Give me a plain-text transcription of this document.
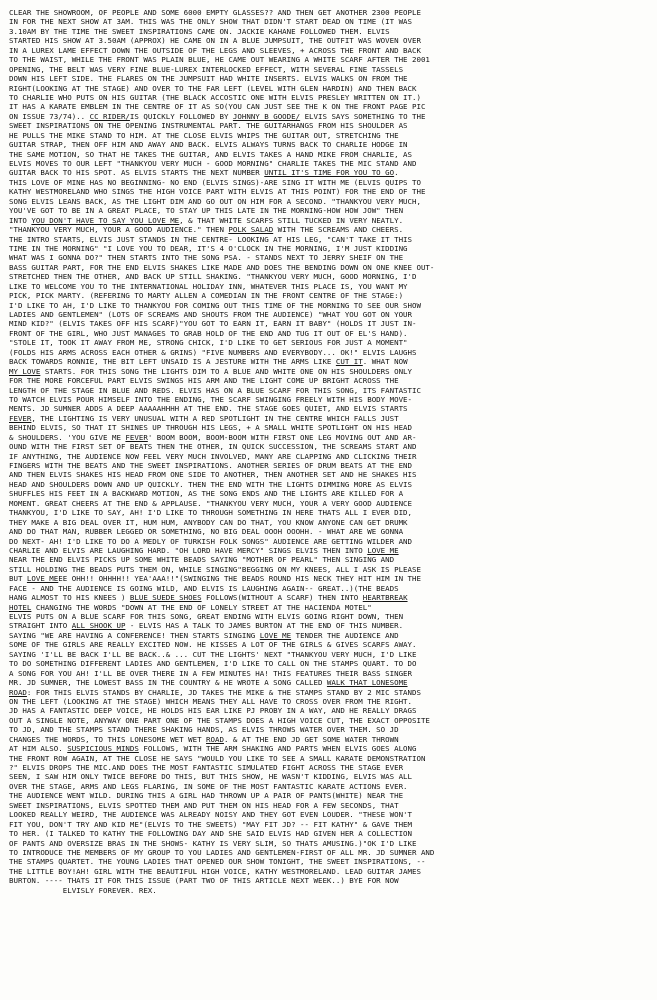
CLEAR THE SHOWROOM, OF PEOPLE AND SOME 6000 EMPTY GLASSES?? AND THEN GET ANOTHER 2300 PEOPLE
IN FOR THE NEXT SHOW AT 3AM. THIS WAS THE ONLY SHOW THAT DIDN'T START DEAD ON TIME (IT WAS
3.10AM BY THE TIME THE SWEET INSPIRATIONS CAME ON. JACKIE KAHANE FOLLOWED THEM. ELVIS
STARTED HIS SHOW AT 3.50AM (APPROX) HE CAME ON IN A BLUE JUMPSUIT, THE OUTFIT WAS WOVEN OVER
IN A LUREX LAME EFFECT DOWN THE OUTSIDE OF THE LEGS AND SLEEVES, + ACROSS THE FRONT AND BACK
TO THE WAIST, WHILE THE FRONT WAS PLAIN BLUE, HE CAME OUT WEARING A WHITE SCARF AFTER THE 2001
OPENING, THE BELT WAS VERY FINE BLUE-LUREX INTERLOCKED EFFECT, WITH SEVERAL FINE TASSELS
DOWN HIS LEFT SIDE. THE FLARES ON THE JUMPSUIT HAD WHITE INSERTS. ELVIS WALKS ON FROM THE
RIGHT(LOOKING AT THE STAGE) AND OVER TO THE FAR LEFT (LEVEL WITH GLEN HARDIN) AND THEN BACK
TO CHARLIE WHO PUTS ON HIS GUITAR (THE BLACK ACCOSTIC ONE WITH ELVIS PRESLEY WRITTEN ON IT.)
IT HAS A KARATE EMBLEM IN THE CENTRE OF IT AS SO(YOU CAN JUST SEE THE K ON THE FRONT PAGE PIC
ON ISSUE 73/74).. CC RIDER/IS QUICKLY FOLLOWED BY JOHNNY B GOODE/ ELVIS SAYS SOMETHING TO THE
SWEET INSPIRATIONS ON THE OPENING INSTRUMENTAL PART. THE GUITARHANGS FROM HIS SHOULDER AS
HE PULLS THE MIKE STAND TO HIM. AT THE CLOSE ELVIS WHIPS THE GUITAR OUT, STRETCHING THE
GUITAR STRAP, THEN OFF HIM AND AWAY AND BACK. ELVIS ALWAYS TURNS BACK TO CHARLIE HODGE IN
THE SAME MOTION, SO THAT HE TAKES THE GUITAR, AND ELVIS TAKES A HAND MIKE FROM CHARLIE, AS
ELVIS MOVES TO OUR LEFT "THANKYOU VERY MUCH - GOOD MORNING" CHARLIE TAKES THE MIC STAND AND
GUITAR BACK TO HIS SPOT. AS ELVIS STARTS THE NEXT NUMBER UNTIL IT'S TIME FOR YOU TO GO.
THIS LOVE OF MINE HAS NO BEGINNING- NO END (ELVIS SINGS)-ARE SING IT WITH ME (ELVIS QUIPS TO
KATHY WESTMORELAND WHO SINGS THE HIGH VOICE PART WITH ELVIS AT THIS POINT) FOR THE END OF THE
SONG ELVIS LEANS BACK, AS THE LIGHT DIM AND GO OUT ON HIM FOR A SECOND. "THANKYOU VERY MUCH,
YOU'VE GOT TO BE IN A GREAT PLACE, TO STAY UP THIS LATE IN THE MORNING-HOW HOW JOW" THEN
INTO YOU DON'T HAVE TO SAY YOU LOVE ME, & THAT WHITE SCARFS STILL TUCKED IN VERY NEATLY.
"THANKYOU VERY MUCH, YOUR A GOOD AUDIENCE." THEN POLK SALAD WITH THE SCREAMS AND CHEERS.
THE INTRO STARTS, ELVIS JUST STANDS IN THE CENTRE- LOOKING AT HIS LEG, "CAN'T TAKE IT THIS
TIME IN THE MORNING" "I LOVE YOU TO DEAR, IT'S 4 O'CLOCK IN THE MORNING, I'M JUST KIDDING
WHAT WAS I GONNA DO?" THEN STARTS INTO THE SONG PSA. - STANDS NEXT TO JERRY SHEIF ON THE
BASS GUITAR PART, FOR THE END ELVIS SHAKES LIKE MADE AND DOES THE BENDING DOWN ON ONE KNEE OUT-
STRETCHED THEN THE OTHER, AND BACK UP STILL SHAKING. "THANKYOU VERY MUCH, GOOD MORNING, I'D
LIKE TO WELCOME YOU TO THE INTERNATIONAL HOLIDAY INN, WHATEVER THIS PLACE IS, YOU WANT MY
PICK, PICK MARTY. (REFERING TO MARTY ALLEN A COMEDIAN IN THE FRONT CENTRE OF THE STAGE:)
I'D LIKE TO AH, I'D LIKE TO THANKYOU FOR COMING OUT THIS TIME OF THE MORNING TO SEE OUR SHOW
LADIES AND GENTLEMEN" (LOTS OF SCREAMS AND SHOUTS FROM THE AUDIENCE) "WHAT YOU GOT ON YOUR
MIND KID?" (ELVIS TAKES OFF HIS SCARF)"YOU GOT TO EARN IT, EARN IT BABY" (HOLDS IT JUST IN-
FRONT OF THE GIRL, WHO JUST MANAGES TO GRAB HOLD OF THE END AND TUG IT OUT OF EL'S HAND).
"STOLE IT, TOOK IT AWAY FROM ME, STRONG CHICK, I'D LIKE TO GET SERIOUS FOR JUST A MOMENT"
(FOLDS HIS ARMS ACROSS EACH OTHER & GRINS) "FIVE NUMBERS AND EVERYBODY... OK!" ELVIS LAUGHS
BACK TOWARDS RONNIE, THE BIT LEFT UNSAID IS A JESTURE WITH THE ARMS LIKE CUT IT. WHAT NOW
MY LOVE STARTS. FOR THIS SONG THE LIGHTS DIM TO A BLUE AND WHITE ONE ON HIS SHOULDERS ONLY
FOR THE MORE FORCEFUL PART ELVIS SWINGS HIS ARM AND THE LIGHT COME UP BRIGHT ACROSS THE
LENGTH OF THE STAGE IN BLUE AND REDS. ELVIS HAS ON A BLUE SCARF FOR THIS SONG, ITS FANTASTIC
TO WATCH ELVIS POUR HIMSELF INTO THE ENDING, THE SCARF SWINGING FREELY WITH HIS BODY MOVE-
MENTS. JD SUMNER ADDS A DEEP AAAAAHHHH AT THE END. THE STAGE GOES QUIET, AND ELVIS STARTS
FEVER, THE LIGHTING IS VERY UNUSUAL WITH A RED SPOTLIGHT IN THE CENTRE WHICH FALLS JUST
BEHIND ELVIS, SO THAT IT SHINES UP THROUGH HIS LEGS, + A SMALL WHITE SPOTLIGHT ON HIS HEAD
& SHOULDERS. 'YOU GIVE ME FEVER' BOOM BOOM, BOOM-BOOM WITH FIRST ONE LEG MOVING OUT AND AR-
OUND WITH THE FIRST SET OF BEATS THEN THE OTHER, IN QUICK SUCCESSION, THE SCREAMS START AND
IF ANYTHING, THE AUDIENCE NOW FEEL VERY MUCH INVOLVED, MANY ARE CLAPPING AND CLICKING THEIR
FINGERS WITH THE BEATS AND THE SWEET INSPIRATIONS. ANOTHER SERIES OF DRUM BEATS AT THE END
AND THEN ELVIS SHAKES HIS HEAD FROM ONE SIDE TO ANOTHER, THEN ANOTHER SET AND HE SHAKES HIS
HEAD AND SHOULDERS DOWN AND UP QUICKLY. THEN THE END WITH THE LIGHTS DIMMING MORE AS ELVIS
SHUFFLES HIS FEET IN A BACKWARD MOTION, AS THE SONG ENDS AND THE LIGHTS ARE KILLED FOR A
MOMENT. GREAT CHEERS AT THE END & APPLAUSE. "THANKYOU VERY MUCH, YOUR A VERY GOOD AUDIENCE
THANKYOU, I'D LIKE TO SAY, AH! I'D LIKE TO THROUGH SOMETHING IN HERE THATS ALL I EVER DID,
THEY MAKE A BIG DEAL OVER IT, HUM HUM, ANYBODY CAN DO THAT, YOU KNOW ANYONE CAN GET DRUMK
AND DO THAT MAN, RUBBER LEGGED OR SOMETHING, NO BIG DEAL OOOH OOOHH. - WHAT ARE WE GONNA
DO NEXT- AH! I'D LIKE TO DO A MEDLY OF TURKISH FOLK SONGS" AUDIENCE ARE GETTING WILDER AND
CHARLIE AND ELVIS ARE LAUGHING HARD. "OH LORD HAVE MERCY" SINGS ELVIS THEN INTO LOVE ME
NEAR THE END ELVIS PICKS UP SOME WHITE BEADS SAYING "MOTHER OF PEARL" THEN SINGING AND
STILL HOLDING THE BEADS PUTS THEM ON, WHILE SINGING"BEGGING ON MY KNEES, ALL I ASK IS PLEASE
BUT LOVE MEEE OHH!! OHHHH!! YEA'AAA!!"(SWINGING THE BEADS ROUND HIS NECK THEY HIT HIM IN THE
FACE - AND THE AUDIENCE IS GOING WILD, AND ELVIS IS LAUGHING AGAIN-- GREAT..)(THE BEADS
HANG ALMOST TO HIS KNEES ) BLUE SUEDE SHOES FOLLOWS(WITHOUT A SCARF) THEN INTO HEARTBREAK
HOTEL CHANGING THE WORDS "DOWN AT THE END OF LONELY STREET AT THE HACIENDA MOTEL"
ELVIS PUTS ON A BLUE SCARF FOR THIS SONG, GREAT ENDING WITH ELVIS GOING RIGHT DOWN, THEN
STRAIGHT INTO ALL SHOOK UP - ELVIS HAS A TALK TO JAMES BURTON AT THE END OF THIS NUMBER.
SAYING "WE ARE HAVING A CONFERENCE! THEN STARTS SINGING LOVE ME TENDER THE AUDIENCE AND
SOME OF THE GIRLS ARE REALLY EXCITED NOW. HE KISSES A LOT OF THE GIRLS & GIVES SCARFS AWAY.
SAYING 'I'LL BE BACK I'LL BE BACK..& ... CUT THE LIGHTS' NEXT "THANKYOU VERY MUCH, I'D LIKE
TO DO SOMETHING DIFFERENT LADIES AND GENTLEMEN, I'D LIKE TO CALL ON THE STAMPS QUART. TO DO
A SONG FOR YOU AH! I'LL BE OVER THERE IN A FEW MINUTES HA! THIS FEATURES THEIR BASS SINGER
MR. JD SUMNER, THE LOWEST BASS IN THE COUNTRY & HE WROTE A SONG CALLED WALK THAT LONESOME
ROAD: FOR THIS ELVIS STANDS BY CHARLIE, JD TAKES THE MIKE & THE STAMPS STAND BY 2 MIC STANDS
ON THE LEFT (LOOKING AT THE STAGE) WHICH MEANS THEY ALL HAVE TO CROSS OVER FROM THE RIGHT.
JD HAS A FANTASTIC DEEP VOICE, HE HOLDS HIS EAR LIKE PJ PROBY IN A WAY, AND HE REALLY DRAGS
OUT A SINGLE NOTE, ANYWAY ONE PART ONE OF THE STAMPS DOES A HIGH VOICE CUT, THE EXACT OPPOSITE
TO JD, AND THE STAMPS STAND THERE SHAKING HANDS, AS ELVIS THROWS WATER OVER THEM. SO JD
CHANGES THE WORDS, TO THIS LONESOME WET WET ROAD. & AT THE END JD GET SOME WATER THROWN
AT HIM ALSO. SUSPICIOUS MINDS FOLLOWS, WITH THE ARM SHAKING AND PARTS WHEN ELVIS GOES ALONG
THE FRONT ROW AGAIN, AT THE CLOSE HE SAYS "WOULD YOU LIKE TO SEE A SMALL KARATE DEMONSTRATION
?" ELVIS DROPS THE MIC.AND DOES THE MOST FANTASTIC SIMULATED FIGHT ACROSS THE STAGE EVER
SEEN, I SAW HIM ONLY TWICE BEFORE DO THIS, BUT THIS SHOW, HE WASN'T KIDDING, ELVIS WAS ALL
OVER THE STAGE, ARMS AND LEGS FLARING, IN SOME OF THE MOST FANTASTIC KARATE ACTIONS EVER.
THE AUDIENCE WENT WILD. DURING THIS A GIRL HAD THROWN UP A PAIR OF PANTS(WHITE) NEAR THE
SWEET INSPIRATIONS, ELVIS SPOTTED THEM AND PUT THEM ON HIS HEAD FOR A FEW SECONDS, THAT
LOOKED REALLY WEIRD, THE AUDIENCE WAS ALREADY NOISY AND THEY GOT EVEN LOUDER. "THESE WON'T
FIT YOU, DON'T TRY AND KID ME"(ELVIS TO THE SWEETS) "MAY FIT JD? -- FIT KATHY" & GAVE THEM
TO HER. (I TALKED TO KATHY THE FOLLOWING DAY AND SHE SAID ELVIS HAD GIVEN HER A COLLECTION
OF PANTS AND OVERSIZE BRAS IN THE SHOWS- KATHY IS VERY SLIM, SO THATS AMUSING.)"OK I'D LIKE
TO INTRODUCE THE MEMBERS OF MY GROUP TO YOU LADIES AND GENTLEMEN-FIRST OF ALL MR. JD SUMNER AND
THE STAMPS QUARTET. THE YOUNG LADIES THAT OPENED OUR SHOW TONIGHT, THE SWEET INSPIRATIONS, --
THE LITTLE BOY!AH! GIRL WITH THE BEAUTIFUL HIGH VOICE, KATHY WESTMORELAND. LEAD GUITAR JAMES
BURTON. ---- THATS IT FOR THIS ISSUE (PART TWO OF THIS ARTICLE NEXT WEEK..) BYE FOR NOW
ELVISLY FOREVER. REX.
